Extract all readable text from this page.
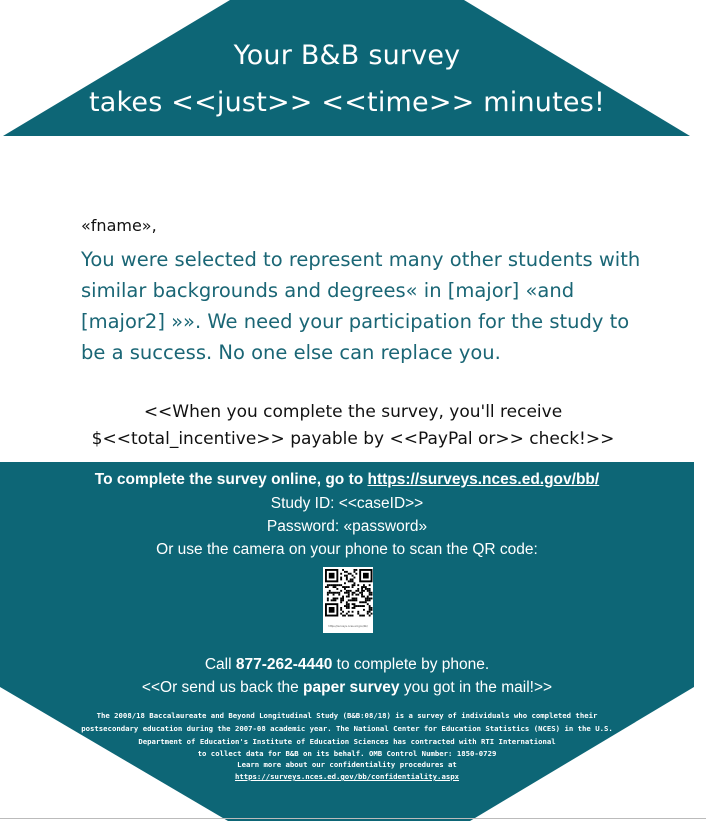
Your B&B survey
takes <<just>> <<time>> minutes!
«fname»,
You were selected to represent many other students with similar backgrounds and degrees« in [major] «and [major2] »». We need your participation for the study to be a success. No one else can replace you.
<<When you complete the survey, you'll receive
$<<total_incentive>> payable by <<PayPal or>> check!>>
To complete the survey online, go to https://surveys.nces.ed.gov/bb/
Study ID: <<caseID>>
Password: «password»
Or use the camera on your phone to scan the QR code:
https://surveys.nces.ed.gov/bb/
Call 877-262-4440 to complete by phone.
<<Or send us back the paper survey you got in the mail!>>
The 2008/18 Baccalaureate and Beyond Longitudinal Study (B&B:08/18) is a survey of individuals who completed their
postsecondary education during the 2007-08 academic year. The National Center for Education Statistics (NCES) in the U.S.
Department of Education's Institute of Education Sciences has contracted with RTI International
to collect data for B&B on its behalf. OMB Control Number: 1850-0729
Learn more about our confidentiality procedures at
https://surveys.nces.ed.gov/bb/confidentiality.aspx
